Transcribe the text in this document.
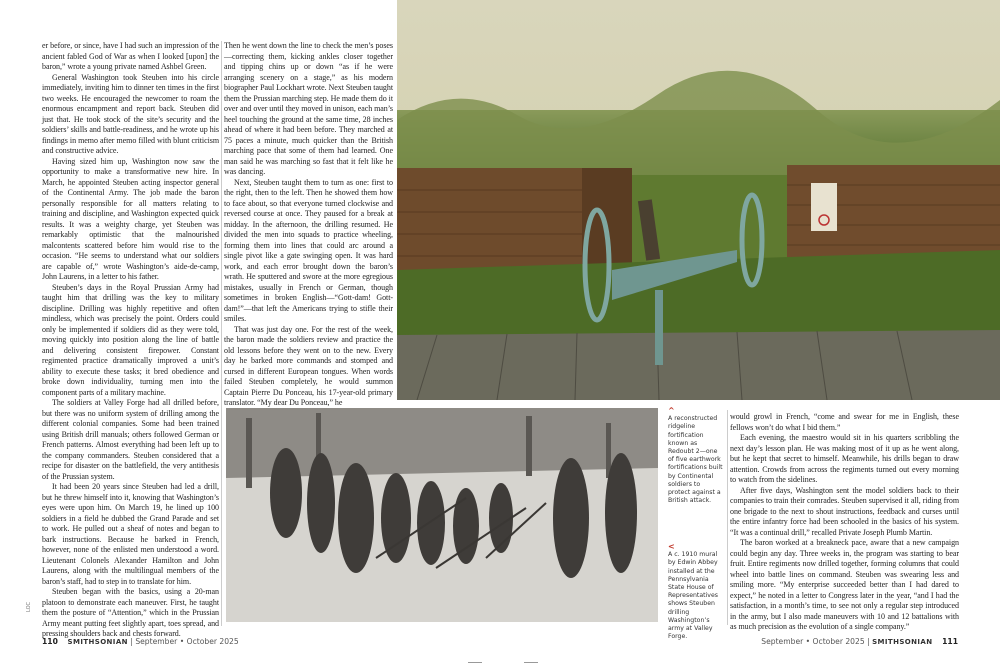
er before, or since, have I had such an impression of the ancient fabled God of War as when I looked [upon] the baron,” wrote a young private named Ashbel Green.

General Washington took Steuben into his circle immediately, inviting him to dinner ten times in the first two weeks. He encouraged the newcomer to roam the enormous encampment and report back. Steuben did just that. He took stock of the site’s security and the soldiers’ skills and battle-readiness, and he wrote up his findings in memo after memo filled with blunt criticism and constructive advice.

Having sized him up, Washington now saw the opportunity to make a transformative new hire. In March, he appointed Steuben acting inspector general of the Continental Army. The job made the baron personally responsible for all matters relating to training and discipline, and Washington expected quick results. It was a weighty charge, yet Steuben was remarkably optimistic that the malnourished malcontents scattered before him would rise to the occasion. “He seems to understand what our soldiers are capable of,” wrote Washington’s aide-de-camp, John Laurens, in a letter to his father.

Steuben’s days in the Royal Prussian Army had taught him that drilling was the key to military discipline. Drilling was highly repetitive and often mindless, which was precisely the point. Orders could only be implemented if soldiers did as they were told, moving quickly into position along the line of battle and delivering consistent firepower. Constant regimented practice dramatically improved a unit’s ability to execute these tasks; it bred obedience and broke down individuality, turning men into the component parts of a military machine.

The soldiers at Valley Forge had all drilled before, but there was no uniform system of drilling among the different colonial companies. Some had been trained using British drill manuals; others followed German or French patterns. Almost everything had been left up to the company commanders. Steuben considered that a recipe for disaster on the battlefield, the very antithesis of the Prussian system.

It had been 20 years since Steuben had led a drill, but he threw himself into it, knowing that Washington’s eyes were upon him. On March 19, he lined up 100 soldiers in a field he dubbed the Grand Parade and set to work. He pulled out a sheaf of notes and began to bark instructions. Because he barked in French, however, none of the enlisted men understood a word. Lieutenant Colonels Alexander Hamilton and John Laurens, along with the multilingual members of the baron’s staff, had to step in to translate for him.

Steuben began with the basics, using a 20-man platoon to demonstrate each maneuver. First, he taught them the posture of “Attention,” which in the Prussian Army meant putting feet slightly apart, toes spread, and pressing shoulders back and chests forward.

Then he went down the line to check the men’s poses—correcting them, kicking ankles closer together and tipping chins up or down “as if he were arranging scenery on a stage,” as his modern biographer Paul Lockhart wrote. Next Steuben taught them the Prussian marching step. He made them do it over and over until they moved in unison, each man’s heel touching the ground at the same time, 28 inches ahead of where it had been before. They marched at 75 paces a minute, much quicker than the British marching pace that some of them had learned. One man said he was marching so fast that it felt like he was dancing.

Next, Steuben taught them to turn as one: first to the right, then to the left. Then he showed them how to face about, so that everyone turned clockwise and reversed course at once. They paused for a break at midday. In the afternoon, the drilling resumed. He divided the men into squads to practice wheeling, forming them into lines that could arc around a single pivot like a gate swinging open. It was hard work, and each error brought down the baron’s wrath. He sputtered and swore at the more egregious mistakes, usually in French or German, though sometimes in broken English—“Gott-dam! Gott-dam!”—that left the Americans trying to stifle their smiles.

That was just day one. For the rest of the week, the baron made the soldiers review and practice the old lessons before they went on to the new. Every day he barked more commands and stomped and cursed in different European tongues. When words failed Steuben completely, he would summon Captain Pierre Du Ponceau, his 17-year-old primary translator. “My dear Du Ponceau,” he

would growl in French, “come and swear for me in English, these fellows won’t do what I bid them.”

Each evening, the maestro would sit in his quarters scribbling the next day’s lesson plan. He was making most of it up as he went along, but he kept that secret to himself. Meanwhile, his drills began to draw attention. Crowds from across the regiments turned out every morning to watch from the sidelines.

After five days, Washington sent the model soldiers back to their companies to train their comrades. Steuben supervised it all, riding from one brigade to the next to shout instructions, feedback and curses until the entire infantry force had been schooled in the basics of his system. “It was a continual drill,” recalled Private Joseph Plumb Martin.

The baron worked at a breakneck pace, aware that a new campaign could begin any day. Three weeks in, the program was starting to bear fruit. Entire regiments now drilled together, forming columns that could wheel into battle lines on command. Steuben was swearing less and smiling more. “My enterprise succeeded better than I had dared to expect,” he noted in a letter to Congress later in the year, “and I had the satisfaction, in a month’s time, to see not only a regular step introduced in the army, but I also made maneuvers with 10 and 12 battalions with as much precision as the evolution of a single company.”

^
A reconstructed ridgeline fortification known as Redoubt 2—one of five earthwork fortifications built by Continental soldiers to protect against a British attack.
<
A c. 1910 mural by Edwin Abbey installed at the Pennsylvania State House of Representatives shows Steuben drilling Washington’s army at Valley Forge.
LOC
110 SMITHSONIAN | September • October 2025	September • October 2025 | SMITHSONIAN 111
